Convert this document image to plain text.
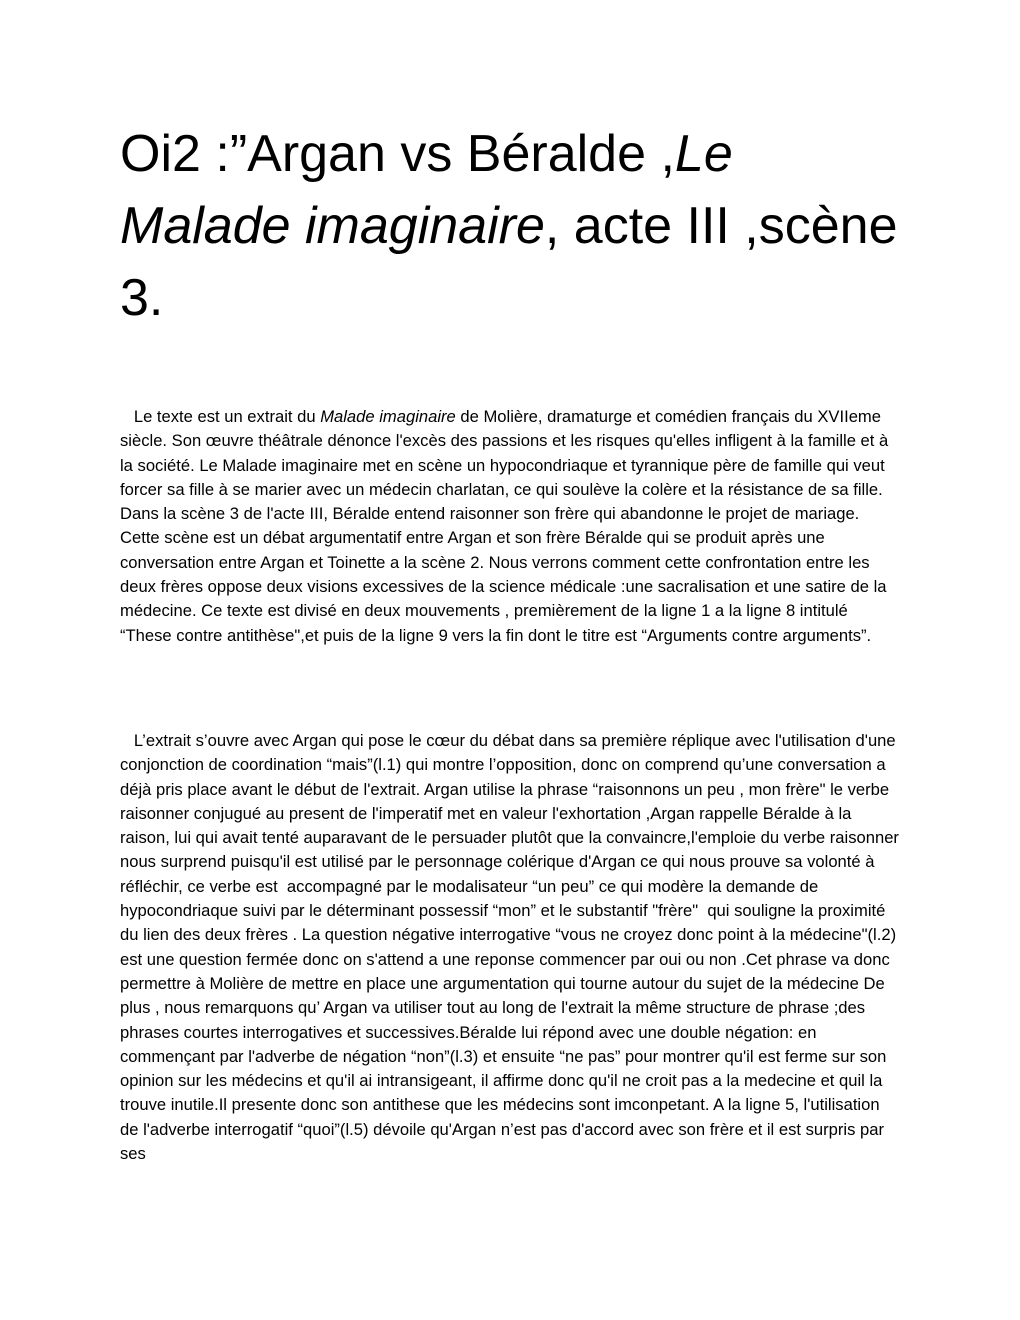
Oi2 :”Argan vs Béralde ,Le Malade imaginaire, acte III ,scène 3.

Le texte est un extrait du Malade imaginaire de Molière, dramaturge et comédien français du XVIIeme siècle. Son œuvre théâtrale dénonce l'excès des passions et les risques qu'elles infligent à la famille et à la société. Le Malade imaginaire met en scène un hypocondriaque et tyrannique père de famille qui veut forcer sa fille à se marier avec un médecin charlatan, ce qui soulève la colère et la résistance de sa fille. Dans la scène 3 de l'acte III, Béralde entend raisonner son frère qui abandonne le projet de mariage. Cette scène est un débat argumentatif entre Argan et son frère Béralde qui se produit après une conversation entre Argan et Toinette a la scène 2. Nous verrons comment cette confrontation entre les deux frères oppose deux visions excessives de la science médicale :une sacralisation et une satire de la médecine. Ce texte est divisé en deux mouvements , premièrement de la ligne 1 a la ligne 8 intitulé “These contre antithèse",et puis de la ligne 9 vers la fin dont le titre est “Arguments contre arguments”.

L’extrait s’ouvre avec Argan qui pose le cœur du débat dans sa première réplique avec l'utilisation d'une conjonction de coordination “mais”(l.1) qui montre l’opposition, donc on comprend qu’une conversation a déjà pris place avant le début de l'extrait. Argan utilise la phrase “raisonnons un peu , mon frère" le verbe raisonner conjugué au present de l'imperatif met en valeur l'exhortation ,Argan rappelle Béralde à la raison, lui qui avait tenté auparavant de le persuader plutôt que la convaincre,l'emploie du verbe raisonner nous surprend puisqu'il est utilisé par le personnage colérique d'Argan ce qui nous prouve sa volonté à réfléchir, ce verbe est  accompagné par le modalisateur “un peu” ce qui modère la demande de hypocondriaque suivi par le déterminant possessif “mon” et le substantif "frère"  qui souligne la proximité du lien des deux frères . La question négative interrogative “vous ne croyez donc point à la médecine"(l.2) est une question fermée donc on s'attend a une reponse commencer par oui ou non .Cet phrase va donc permettre à Molière de mettre en place une argumentation qui tourne autour du sujet de la médecine De plus , nous remarquons qu’ Argan va utiliser tout au long de l'extrait la même structure de phrase ;des phrases courtes interrogatives et successives.Béralde lui répond avec une double négation: en commençant par l'adverbe de négation “non”(l.3) et ensuite “ne pas” pour montrer qu'il est ferme sur son opinion sur les médecins et qu'il ai intransigeant, il affirme donc qu'il ne croit pas a la medecine et quil la trouve inutile.Il presente donc son antithese que les médecins sont imconpetant. A la ligne 5, l'utilisation de l'adverbe interrogatif “quoi”(l.5) dévoile qu'Argan n’est pas d'accord avec son frère et il est surpris par ses
